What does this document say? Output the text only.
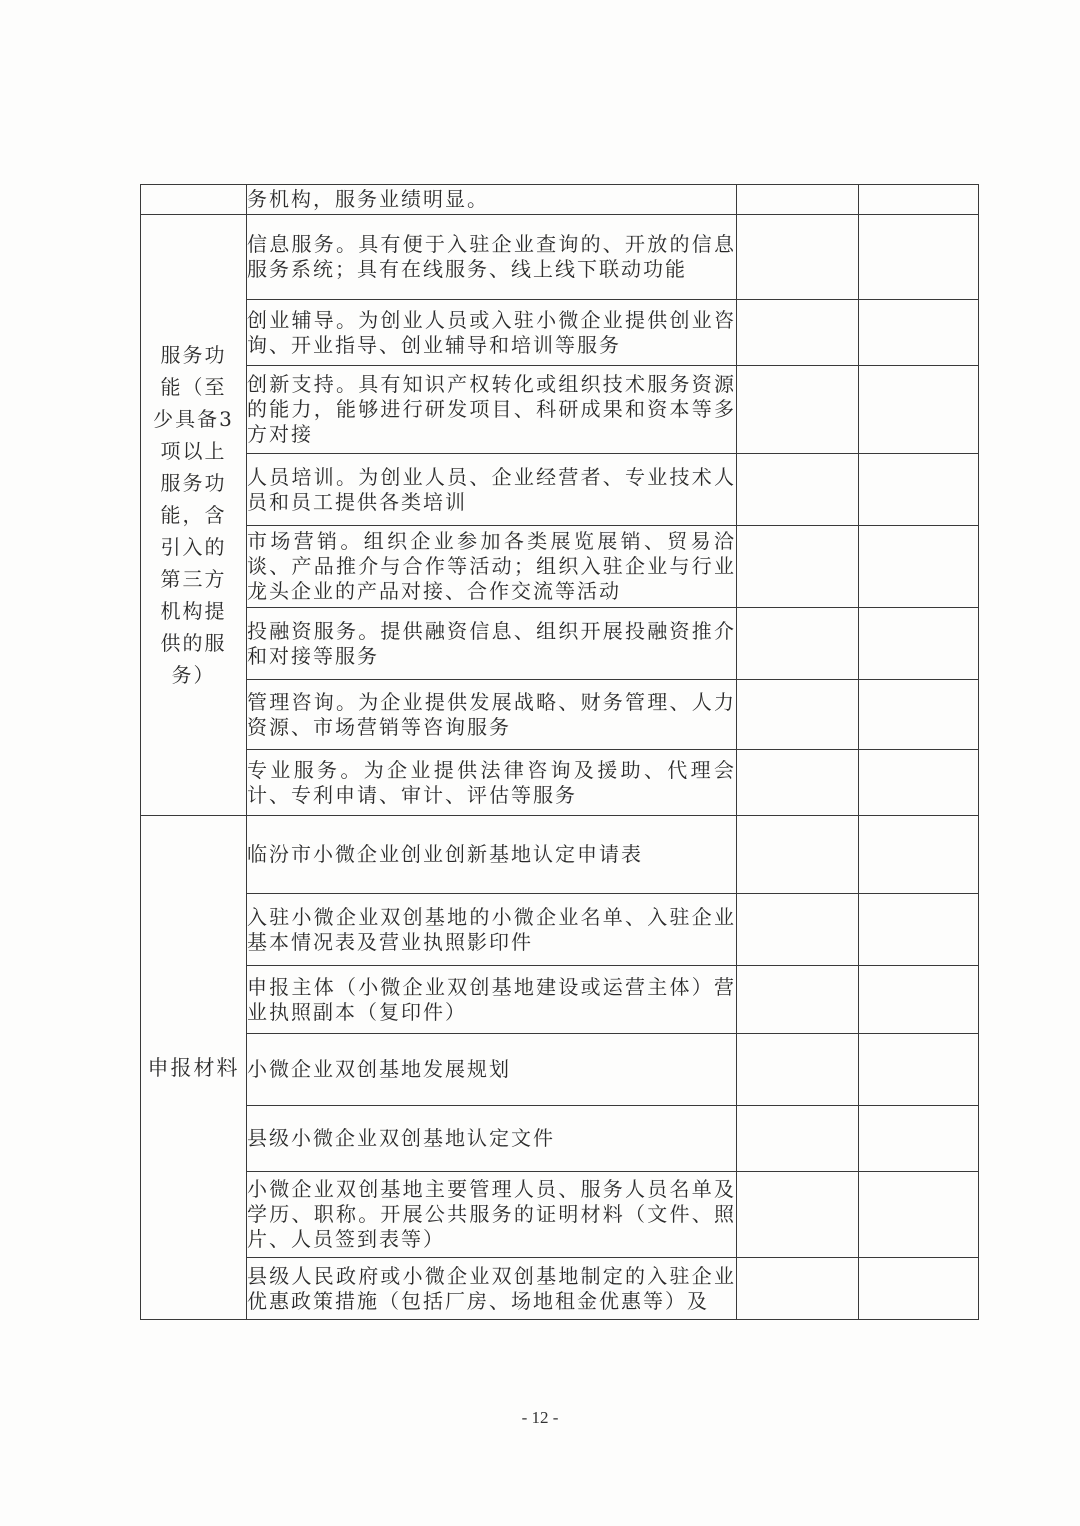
	务机构，服务业绩明显。		
服务功能（至少具备3项以上服务功能，含引入的第三方机构提供的服务）	信息服务。具有便于入驻企业查询的、开放的信息服务系统；具有在线服务、线上线下联动功能		
	创业辅导。为创业人员或入驻小微企业提供创业咨询、开业指导、创业辅导和培训等服务		
	创新支持。具有知识产权转化或组织技术服务资源的能力，能够进行研发项目、科研成果和资本等多方对接		
	人员培训。为创业人员、企业经营者、专业技术人员和员工提供各类培训		
	市场营销。组织企业参加各类展览展销、贸易洽谈、产品推介与合作等活动；组织入驻企业与行业龙头企业的产品对接、合作交流等活动		
	投融资服务。提供融资信息、组织开展投融资推介和对接等服务		
	管理咨询。为企业提供发展战略、财务管理、人力资源、市场营销等咨询服务		
	专业服务。为企业提供法律咨询及援助、代理会计、专利申请、审计、评估等服务		
申报材料	临汾市小微企业创业创新基地认定申请表		
	入驻小微企业双创基地的小微企业名单、入驻企业基本情况表及营业执照影印件		
	申报主体（小微企业双创基地建设或运营主体）营业执照副本（复印件）		
	小微企业双创基地发展规划		
	县级小微企业双创基地认定文件		
	小微企业双创基地主要管理人员、服务人员名单及学历、职称。开展公共服务的证明材料（文件、照片、人员签到表等）		
	县级人民政府或小微企业双创基地制定的入驻企业优惠政策措施（包括厂房、场地租金优惠等）及		
- 12 -
